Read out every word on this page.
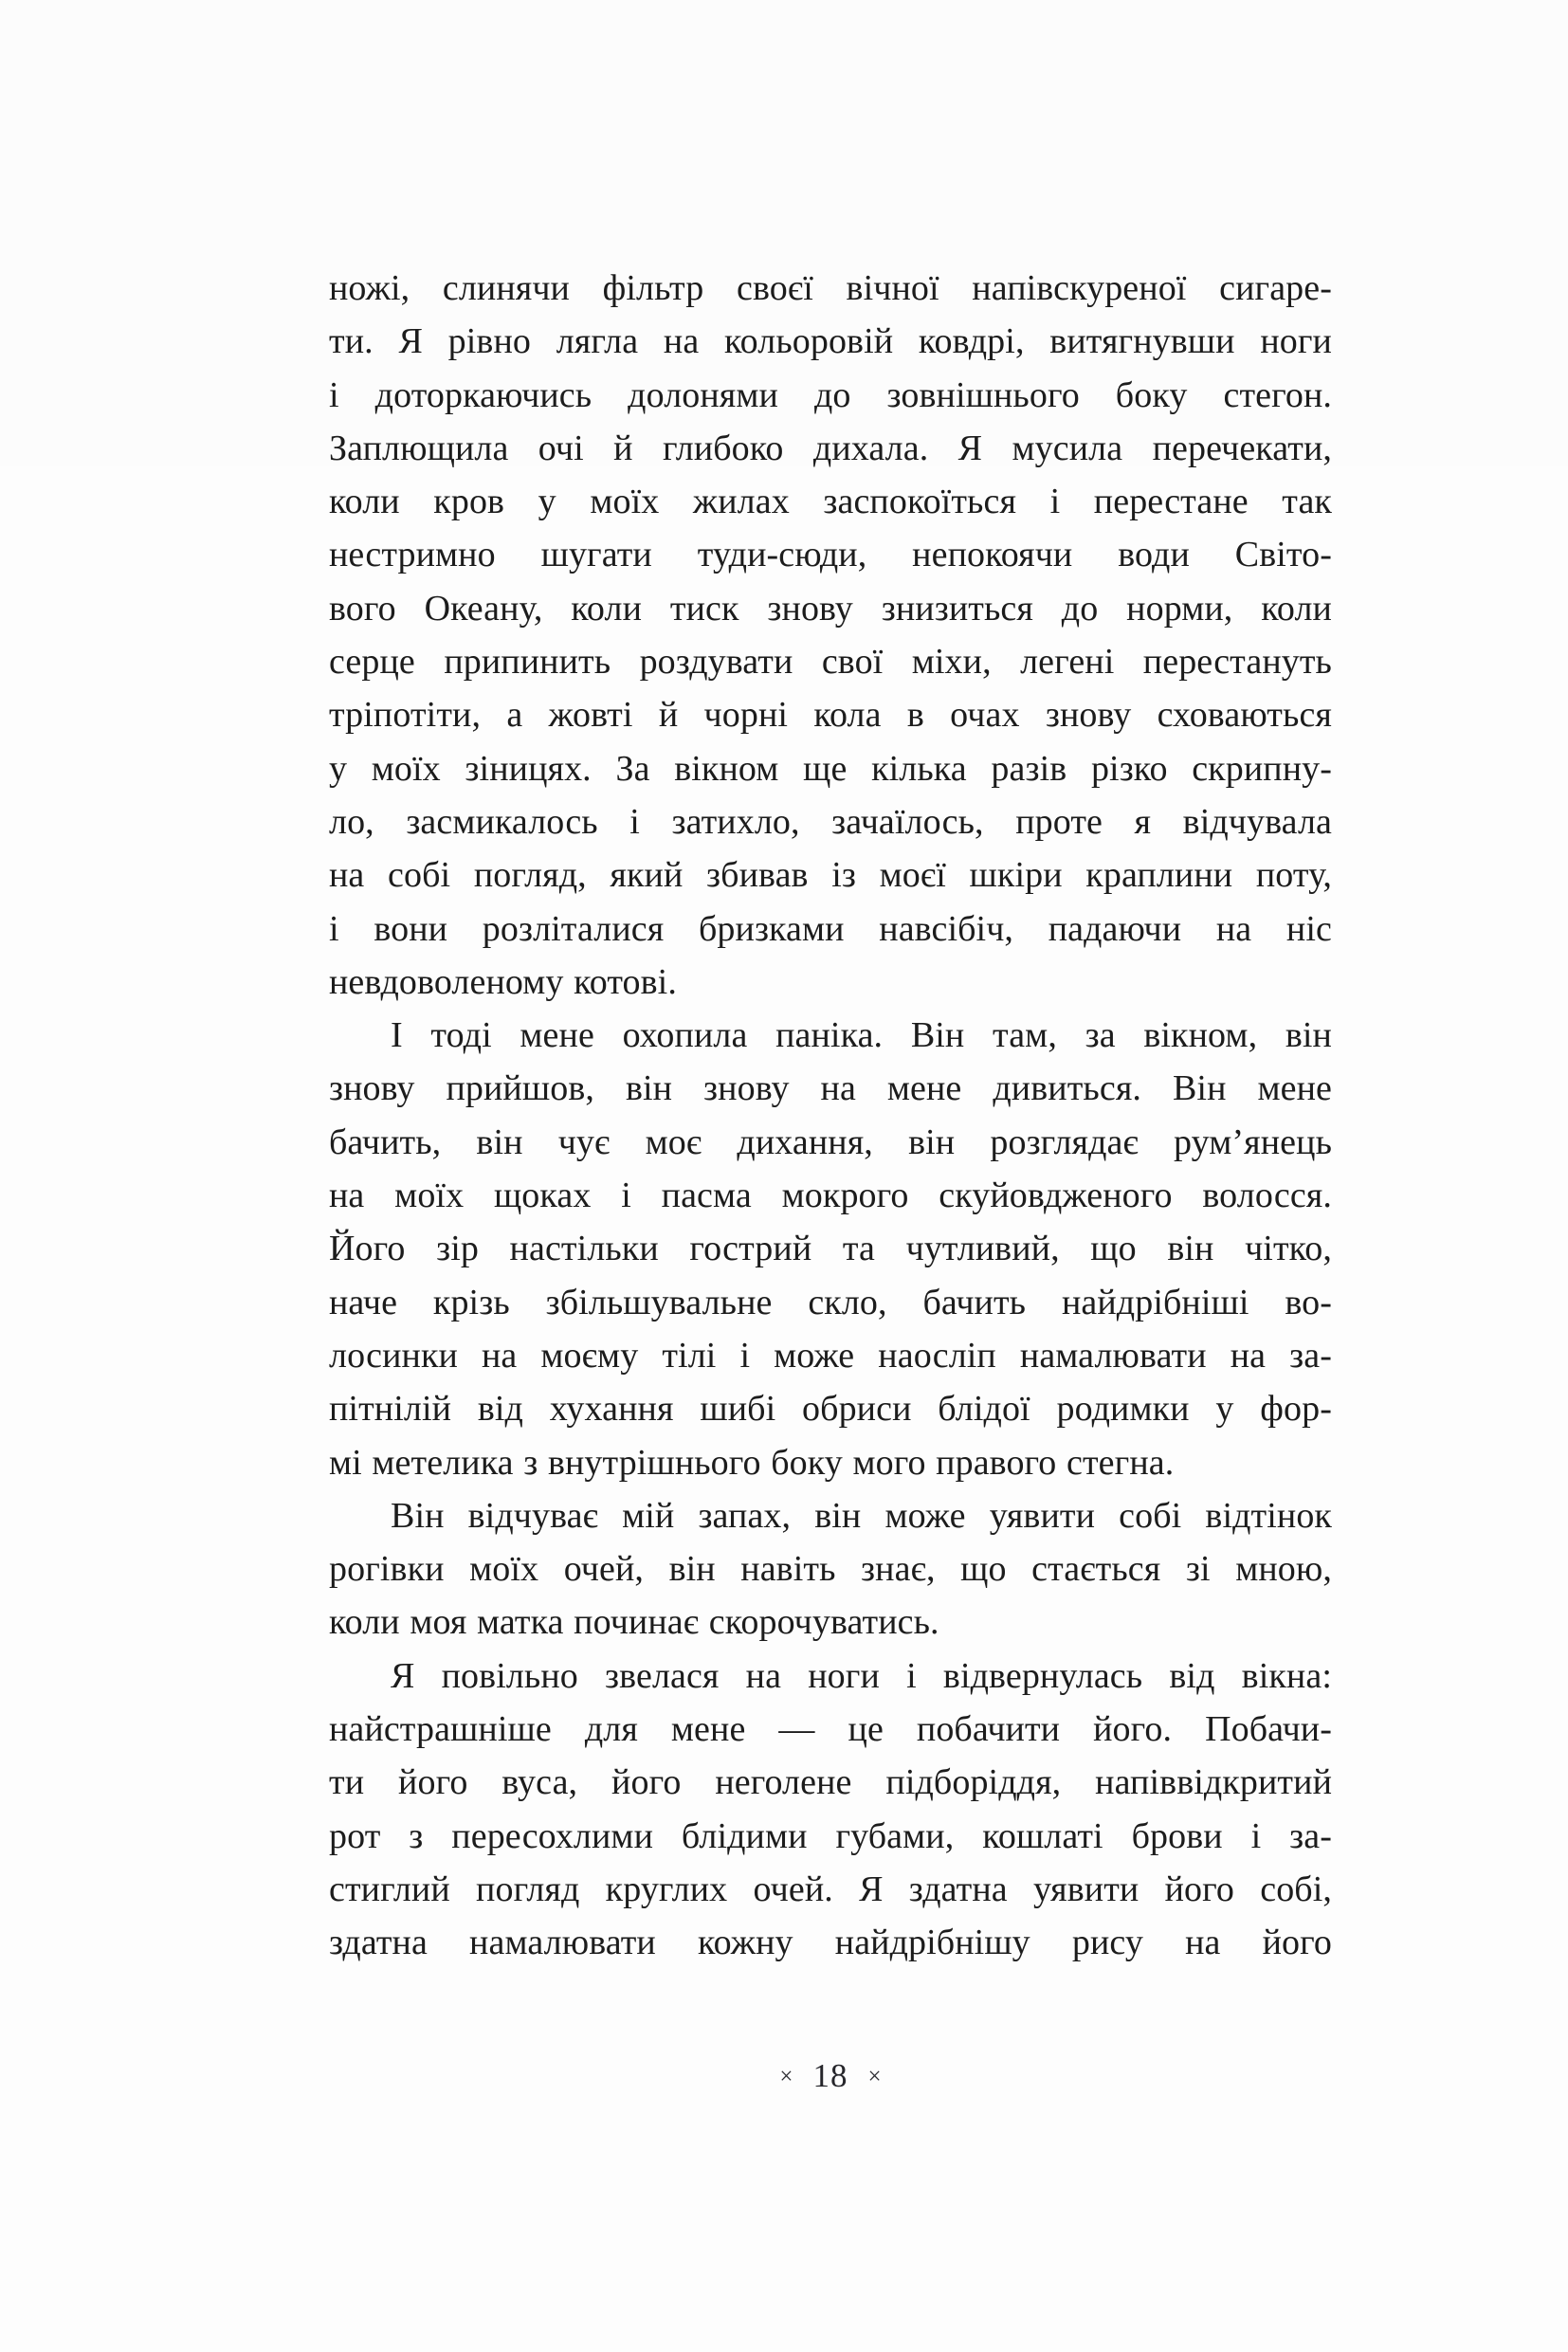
ножі, слинячи фільтр своєї вічної напівскуреної сигаре-
ти. Я рівно лягла на кольоровій ковдрі, витягнувши ноги
і доторкаючись долонями до зовнішнього боку стегон.
Заплющила очі й глибоко дихала. Я мусила перечекати,
коли кров у моїх жилах заспокоїться і перестане так
нестримно шугати туди-сюди, непокоячи води Світо-
вого Океану, коли тиск знову знизиться до норми, коли
серце припинить роздувати свої міхи, легені перестануть
тріпотіти, а жовті й чорні кола в очах знову сховаються
у моїх зіницях. За вікном ще кілька разів різко скрипну-
ло, засмикалось і затихло, зачаїлось, проте я відчувала
на собі погляд, який збивав із моєї шкіри краплини поту,
і вони розліталися бризками навсібіч, падаючи на ніс
невдоволеному котові.
І тоді мене охопила паніка. Він там, за вікном, він
знову прийшов, він знову на мене дивиться. Він мене
бачить, він чує моє дихання, він розглядає рум’янець
на моїх щоках і пасма мокрого скуйовдженого волосся.
Його зір настільки гострий та чутливий, що він чітко,
наче крізь збільшувальне скло, бачить найдрібніші во-
лосинки на моєму тілі і може наосліп намалювати на за-
пітнілій від хухання шибі обриси блідої родимки у фор-
мі метелика з внутрішнього боку мого правого стегна.
Він відчуває мій запах, він може уявити собі відтінок
рогівки моїх очей, він навіть знає, що стається зі мною,
коли моя матка починає скорочуватись.
Я повільно звелася на ноги і відвернулась від вікна:
найстрашніше для мене — це побачити його. Побачи-
ти його вуса, його неголене підборіддя, напіввідкритий
рот з пересохлими блідими губами, кошлаті брови і за-
стиглий погляд круглих очей. Я здатна уявити його собі,
здатна намалювати кожну найдрібнішу рису на його
× 18 ×
